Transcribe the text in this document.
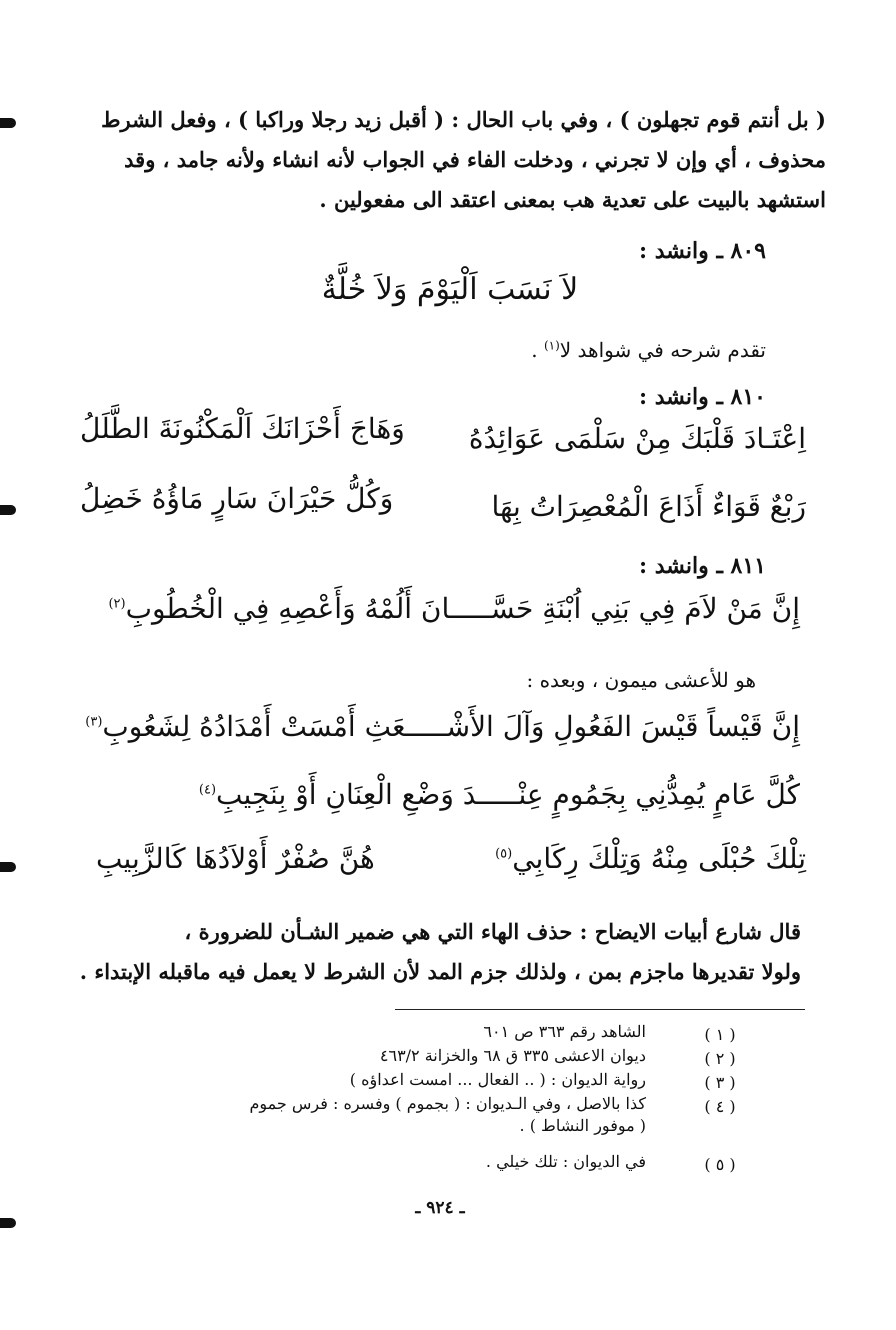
( بل أنتم قوم تجهلون ) ، وفي باب الحال : ( أقبل زيد رجلا وراكبا ) ، وفعل الشرط
محذوف ، أي وإن لا تجرني ، ودخلت الفاء في الجواب لأنه انشاء ولأنه جامد ، وقد
استشهد بالبيت على تعدية هب بمعنى اعتقد الى مفعولين .
٨٠٩ ـ وانشد :
لاَ نَسَبَ اَلْيَوْمَ وَلاَ خُلَّةٌ
تقدم شرحه في شواهد لا$^{(١)}$ .
٨١٠ ـ وانشد :
اِعْتَـادَ قَلْبَكَ مِنْ سَلْمَى عَوَائِدُهُ
وَهَاجَ أَحْزَانَكَ اَلْمَكْنُونَةَ الطَّلَلُ
رَبْعٌ قَوَاءٌ أَذَاعَ الْمُعْصِرَاتُ بِهَا
وَكُلُّ حَيْرَانَ سَارٍ مَاؤُهُ خَضِلُ
٨١١ ـ وانشد :
إِنَّ مَنْ لاَمَ فِي بَنِي اُبْنَةِ حَسَّـــــانَ أَلُمْهُ وَأَعْصِهِ فِي الْخُطُوبِ$^{(٢)}$
هو للأعشى ميمون ، وبعده :
إِنَّ قَيْساً قَيْسَ الفَعُولِ وَآلَ الأَشْـــــعَثِ أَمْسَتْ أَمْدَادُهُ لِشَعُوبِ$^{(٣)}$
كُلَّ عَامٍ يُمِدُّنِي بِجَمُومٍ عِنْـــــدَ وَضْعِ الْعِنَانِ أَوْ بِنَجِيبِ$^{(٤)}$
تِلْكَ حُبْلَى مِنْهُ وَتِلْكَ رِكَابِي$^{(٥)}$
هُنَّ صُفْرٌ أَوْلاَدُهَا كَالزَّبِيبِ
قال شارع أبيات الايضاح : حذف الهاء التي هي ضمير الشـأن للضرورة ،
ولولا تقديرها ماجزم بمن ، ولذلك جزم المد لأن الشرط لا يعمل فيه ماقبله الإبتداء .
( ١ )
الشاهد رقم ٣٦٣ ص ٦٠١
( ٢ )
ديوان الاعشى ٣٣٥ ق ٦٨ والخزانة ٤٦٣/٢
( ٣ )
رواية الديوان : ( .. الفعال ... امست اعداؤه )
( ٤ )
كذا بالاصل ، وفي الـديوان : ( بجموم ) وفسره : فرس جموم
( موفور النشاط ) .
( ٥ )
في الديوان : تلك خيلي .
ـ ٩٢٤ ـ
